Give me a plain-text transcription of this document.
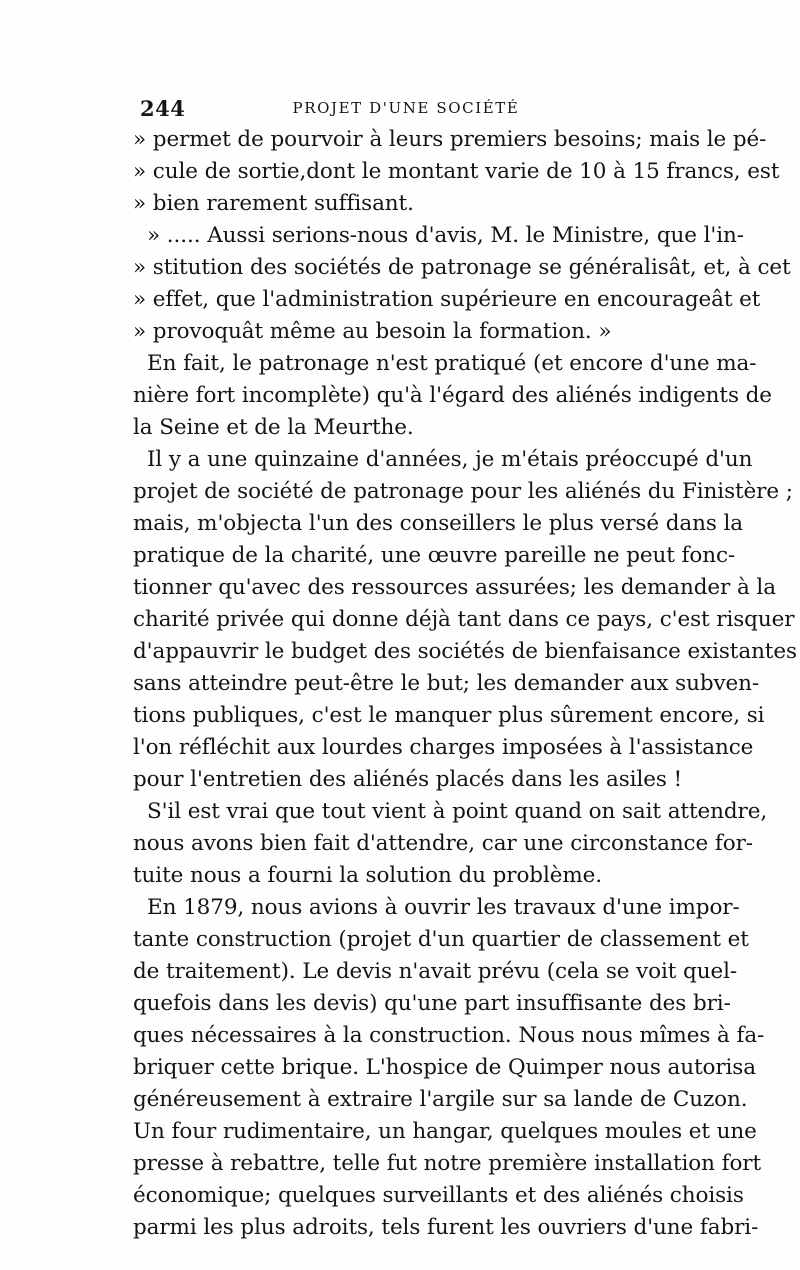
244	PROJET D'UNE SOCIÉTÉ
» permet de pourvoir à leurs premiers besoins; mais le pé-
» cule de sortie,dont le montant varie de 10 à 15 francs, est
» bien rarement suffisant.
» ..... Aussi serions-nous d'avis, M. le Ministre, que l'in-
» stitution des sociétés de patronage se généralisât, et, à cet
» effet, que l'administration supérieure en encourageât et
» provoquât même au besoin la formation. »
En fait, le patronage n'est pratiqué (et encore d'une ma-
nière fort incomplète) qu'à l'égard des aliénés indigents de
la Seine et de la Meurthe.
Il y a une quinzaine d'années, je m'étais préoccupé d'un
projet de société de patronage pour les aliénés du Finistère ;
mais, m'objecta l'un des conseillers le plus versé dans la
pratique de la charité, une œuvre pareille ne peut fonc-
tionner qu'avec des ressources assurées; les demander à la
charité privée qui donne déjà tant dans ce pays, c'est risquer
d'appauvrir le budget des sociétés de bienfaisance existantes
sans atteindre peut-être le but; les demander aux subven-
tions publiques, c'est le manquer plus sûrement encore, si
l'on réfléchit aux lourdes charges imposées à l'assistance
pour l'entretien des aliénés placés dans les asiles !
S'il est vrai que tout vient à point quand on sait attendre,
nous avons bien fait d'attendre, car une circonstance for-
tuite nous a fourni la solution du problème.
En 1879, nous avions à ouvrir les travaux d'une impor-
tante construction (projet d'un quartier de classement et
de traitement). Le devis n'avait prévu (cela se voit quel-
quefois dans les devis) qu'une part insuffisante des bri-
ques nécessaires à la construction. Nous nous mîmes à fa-
briquer cette brique. L'hospice de Quimper nous autorisa
généreusement à extraire l'argile sur sa lande de Cuzon.
Un four rudimentaire, un hangar, quelques moules et une
presse à rebattre, telle fut notre première installation fort
économique; quelques surveillants et des aliénés choisis
parmi les plus adroits, tels furent les ouvriers d'une fabri-
